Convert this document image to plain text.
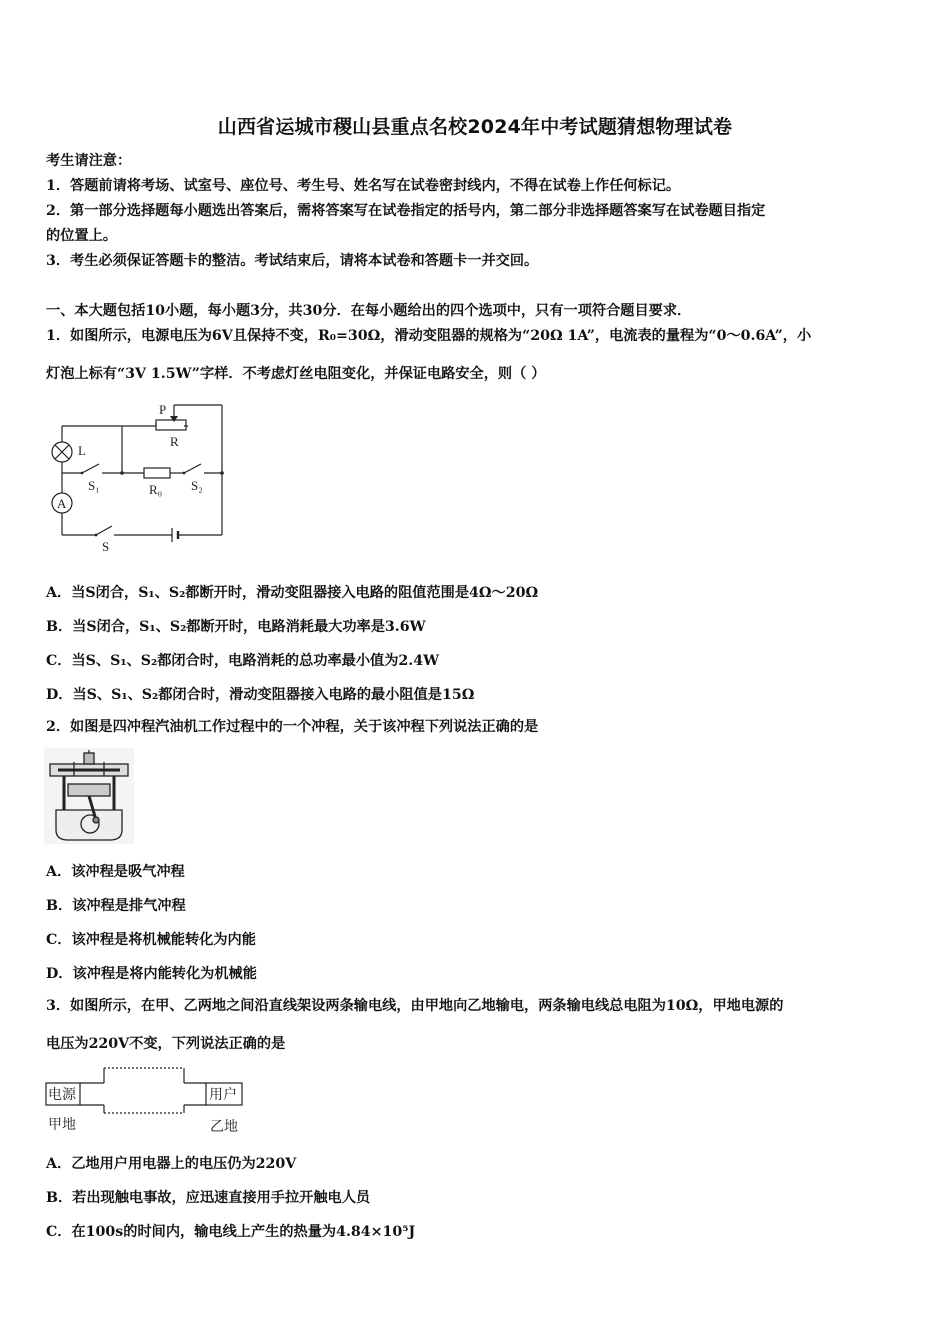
山西省运城市稷山县重点名校2024年中考试题猜想物理试卷
考生请注意：
1．答题前请将考场、试室号、座位号、考生号、姓名写在试卷密封线内，不得在试卷上作任何标记。
2．第一部分选择题每小题选出答案后，需将答案写在试卷指定的括号内，第二部分非选择题答案写在试卷题目指定
的位置上。
3．考生必须保证答题卡的整洁。考试结束后，请将本试卷和答题卡一并交回。
一、本大题包括10小题，每小题3分，共30分．在每小题给出的四个选项中，只有一项符合题目要求．
1．如图所示，电源电压为6V且保持不变，R₀=30Ω，滑动变阻器的规格为“20Ω 1A”，电流表的量程为“0～0.6A”，小
灯泡上标有“3V 1.5W”字样．不考虑灯丝电阻变化，并保证电路安全，则（ ）
P
R
L
S₁	R₀ S₂
A
S
A．当S闭合，S₁、S₂都断开时，滑动变阻器接入电路的阻值范围是4Ω～20Ω
B．当S闭合，S₁、S₂都断开时，电路消耗最大功率是3.6W
C．当S、S₁、S₂都闭合时，电路消耗的总功率最小值为2.4W
D．当S、S₁、S₂都闭合时，滑动变阻器接入电路的最小阻值是15Ω
2．如图是四冲程汽油机工作过程中的一个冲程，关于该冲程下列说法正确的是
A．该冲程是吸气冲程
B．该冲程是排气冲程
C．该冲程是将机械能转化为内能
D．该冲程是将内能转化为机械能
3．如图所示，在甲、乙两地之间沿直线架设两条输电线，由甲地向乙地输电，两条输电线总电阻为10Ω，甲地电源的
电压为220V不变，下列说法正确的是
电源	用户
甲地	乙地
A．乙地用户用电器上的电压仍为220V
B．若出现触电事故，应迅速直接用手拉开触电人员
C．在100s的时间内，输电线上产生的热量为4.84×10⁵J
